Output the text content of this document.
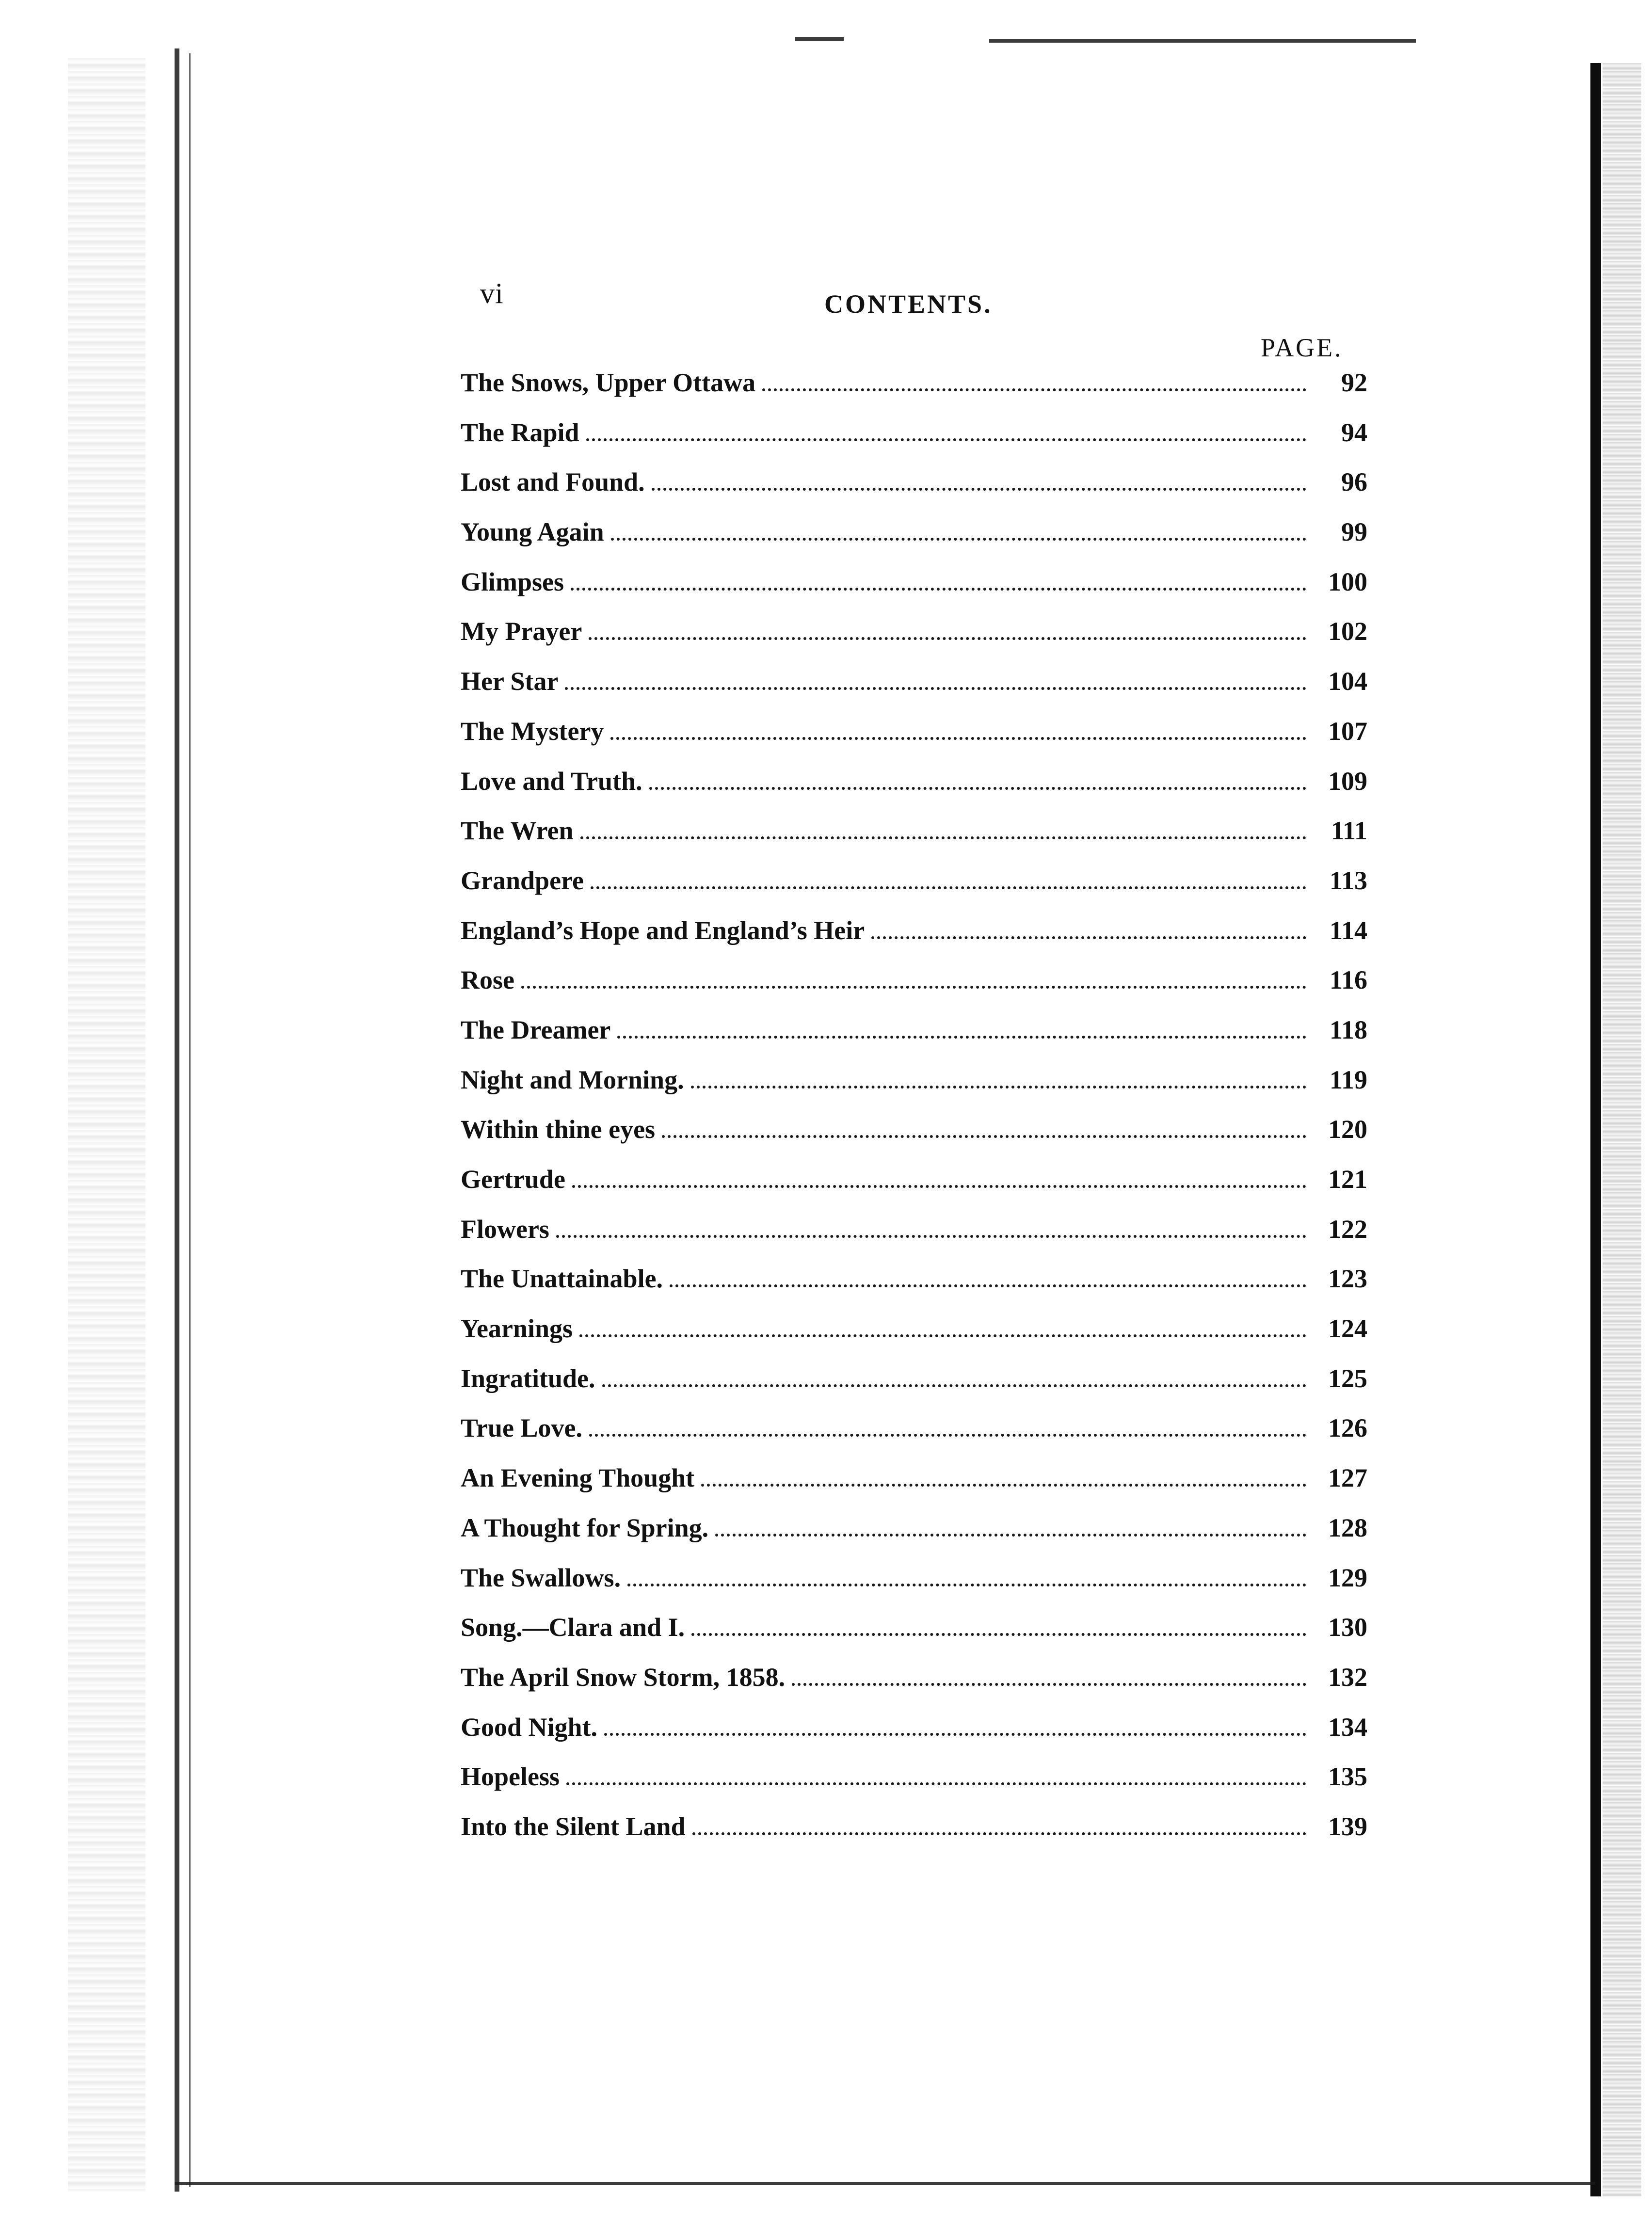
vi	CONTENTS.
PAGE.
The Snows, Upper Ottawa	92
The Rapid	94
Lost and Found.	96
Young Again	99
Glimpses	100
My Prayer	102
Her Star	104
The Mystery	107
Love and Truth.	109
The Wren	111
Grandpere	113
England’s Hope and England’s Heir	114
Rose	116
The Dreamer	118
Night and Morning.	119
Within thine eyes	120
Gertrude	121
Flowers	122
The Unattainable.	123
Yearnings	124
Ingratitude.	125
True Love.	126
An Evening Thought	127
A Thought for Spring.	128
The Swallows.	129
Song.—Clara and I.	130
The April Snow Storm, 1858.	132
Good Night.	134
Hopeless	135
Into the Silent Land	139
